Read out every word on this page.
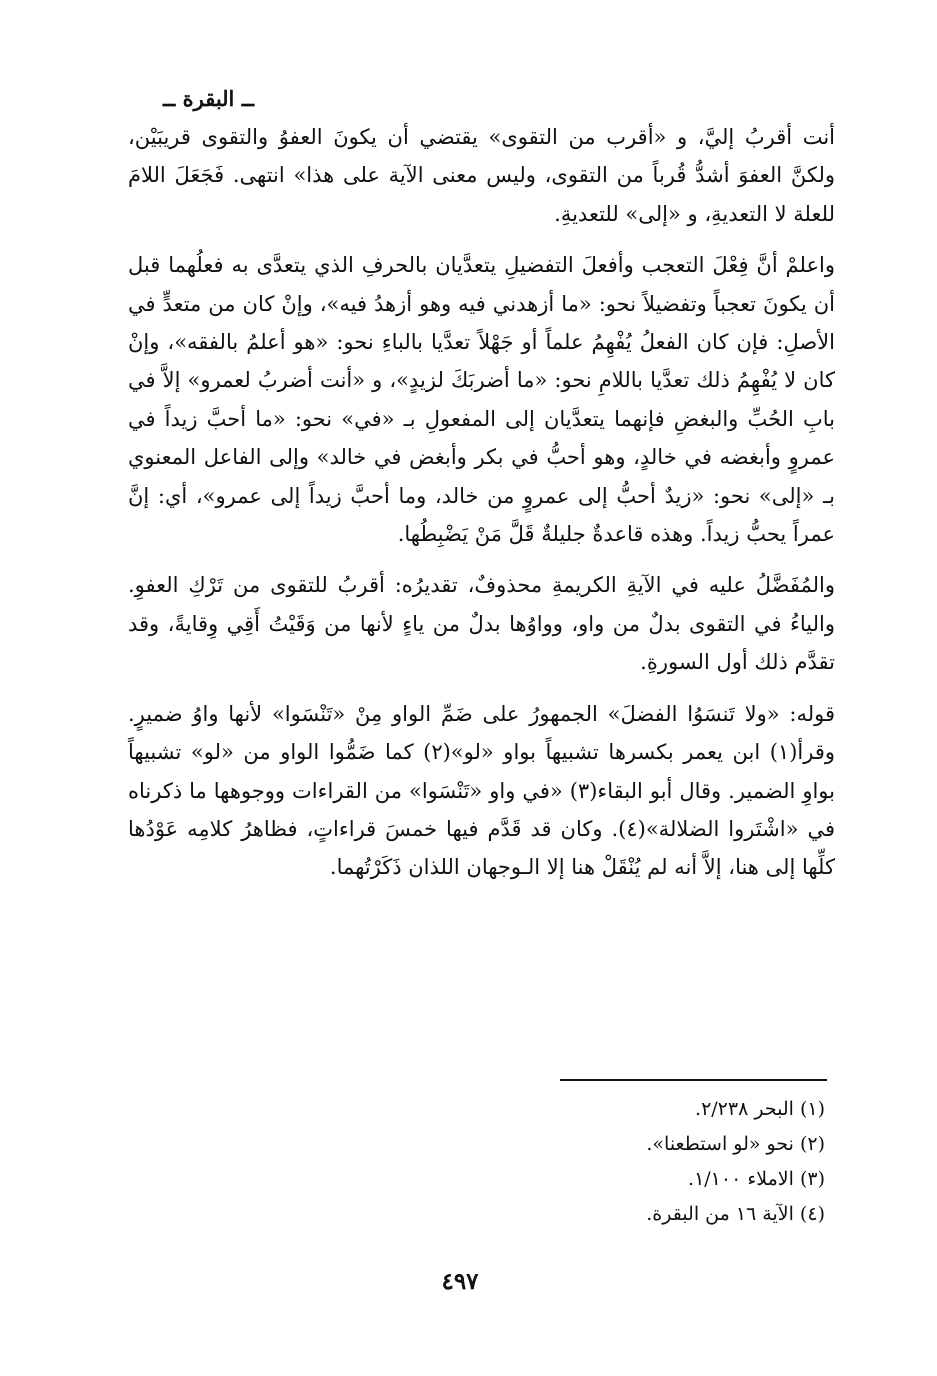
ــ البقرة ــ

أنت أقربُ إليَّ، و «أقرب من التقوى» يقتضي أن يكونَ العفوُ والتقوى قريبَيْن، ولكنَّ العفوَ أشدُّ قُرباً من التقوى، وليس معنى الآية على هذا» انتهى. فَجَعَلَ اللامَ للعلة لا التعديةِ، و «إلى» للتعديةِ.

واعلمْ أنَّ فِعْلَ التعجب وأفعلَ التفضيلِ يتعدَّيان بالحرفِ الذي يتعدَّى به فعلُهما قبل أن يكونَ تعجباً وتفضيلاً نحو: «ما أزهدني فيه وهو أزهدُ فيه»، وإنْ كان من متعدٍّ في الأصلِ: فإن كان الفعلُ يُفْهِمُ علماً أو جَهْلاً تعدَّيا بالباءِ نحو: «هو أعلمُ بالفقه»، وإنْ كان لا يُفْهِمُ ذلك تعدَّيا باللامِ نحو: «ما أضربَكَ لزيدٍ»، و «أنت أضربُ لعمرو» إلاَّ في بابِ الحُبِّ والبغضِ فإنهما يتعدَّيان إلى المفعولِ بـ «في» نحو: «ما أحبَّ زيداً في عمروٍ وأبغضه في خالدٍ، وهو أحبُّ في بكر وأبغض في خالد» وإلى الفاعل المعنوي بـ «إلى» نحو: «زيدٌ أحبُّ إلى عمروٍ من خالد، وما أحبَّ زيداً إلى عمرو»، أي: إنَّ عمراً يحبُّ زيداً. وهذه قاعدةٌ جليلةٌ قَلَّ مَنْ يَضْبِطُها.

والمُفَضَّلُ عليه في الآيةِ الكريمةِ محذوفٌ، تقديرُه: أقربُ للتقوى من تَرْكِ العفوِ. والياءُ في التقوى بدلٌ من واو، وواوُها بدلٌ من ياءٍ لأنها من وَقَيْتُ أَقِي وِقايةً، وقد تقدَّم ذلك أول السورةِ.

قوله: «ولا تَنسَوُا الفضلَ» الجمهورُ على ضَمِّ الواو مِنْ «تَنْسَوا» لأنها واوُ ضميرٍ. وقرأ(١) ابن يعمر بكسرها تشبيهاً بواو «لو»(٢) كما ضَمُّوا الواو من «لو» تشبيهاً بواوِ الضمير. وقال أبو البقاء(٣) «في واو «تَنْسَوا» من القراءات ووجوهها ما ذكرناه في «اشْتَروا الضلالة»(٤). وكان قد قَدَّم فيها خمسَ قراءاتٍ، فظاهرُ كلامِه عَوْدُها كلِّها إلى هنا، إلاَّ أنه لم يُنْقَلْ هنا إلا الـوجهان اللذان ذَكَرْتُهما.

(١) البحر ٢/٢٣٨.

(٢) نحو «لو استطعنا».

(٣) الاملاء ١/١٠٠.

(٤) الآية ١٦ من البقرة.

٤٩٧
